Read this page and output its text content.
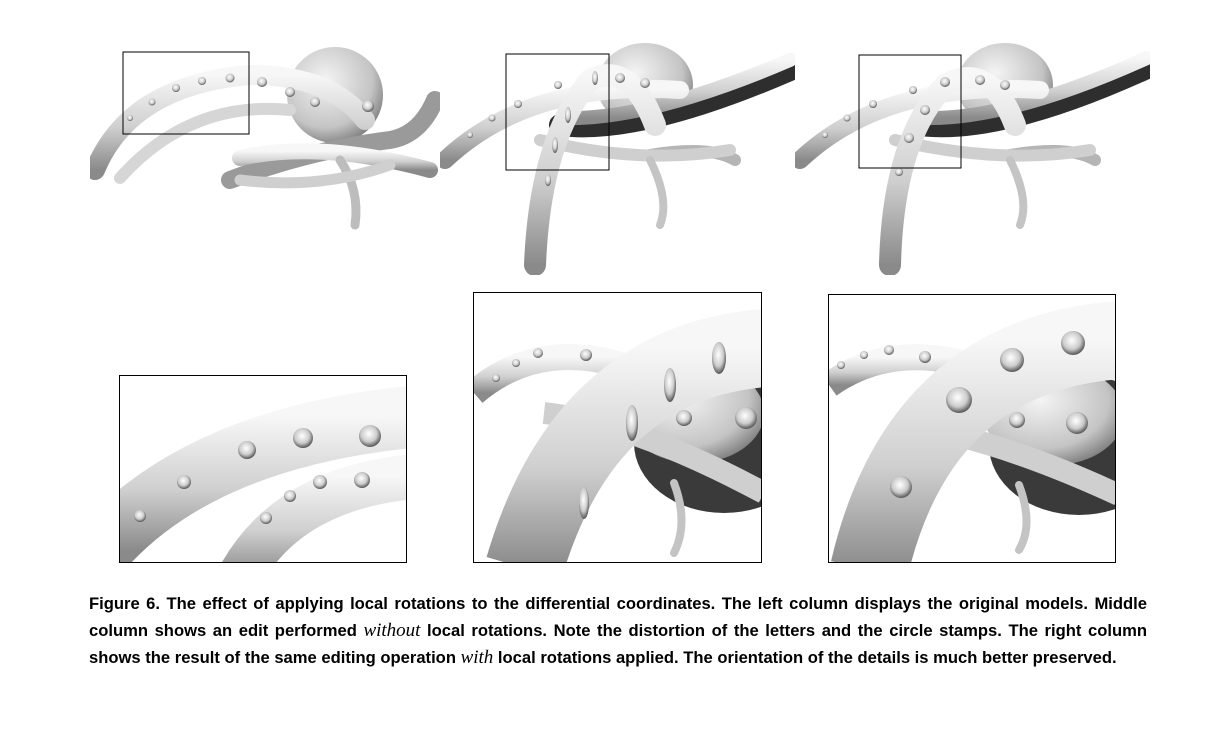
Figure 6. The effect of applying local rotations to the differential coordinates. The left column displays the original models. Middle column shows an edit performed without local rotations. Note the distortion of the letters and the circle stamps. The right column shows the result of the same editing operation with local rotations applied. The orientation of the details is much better preserved.
